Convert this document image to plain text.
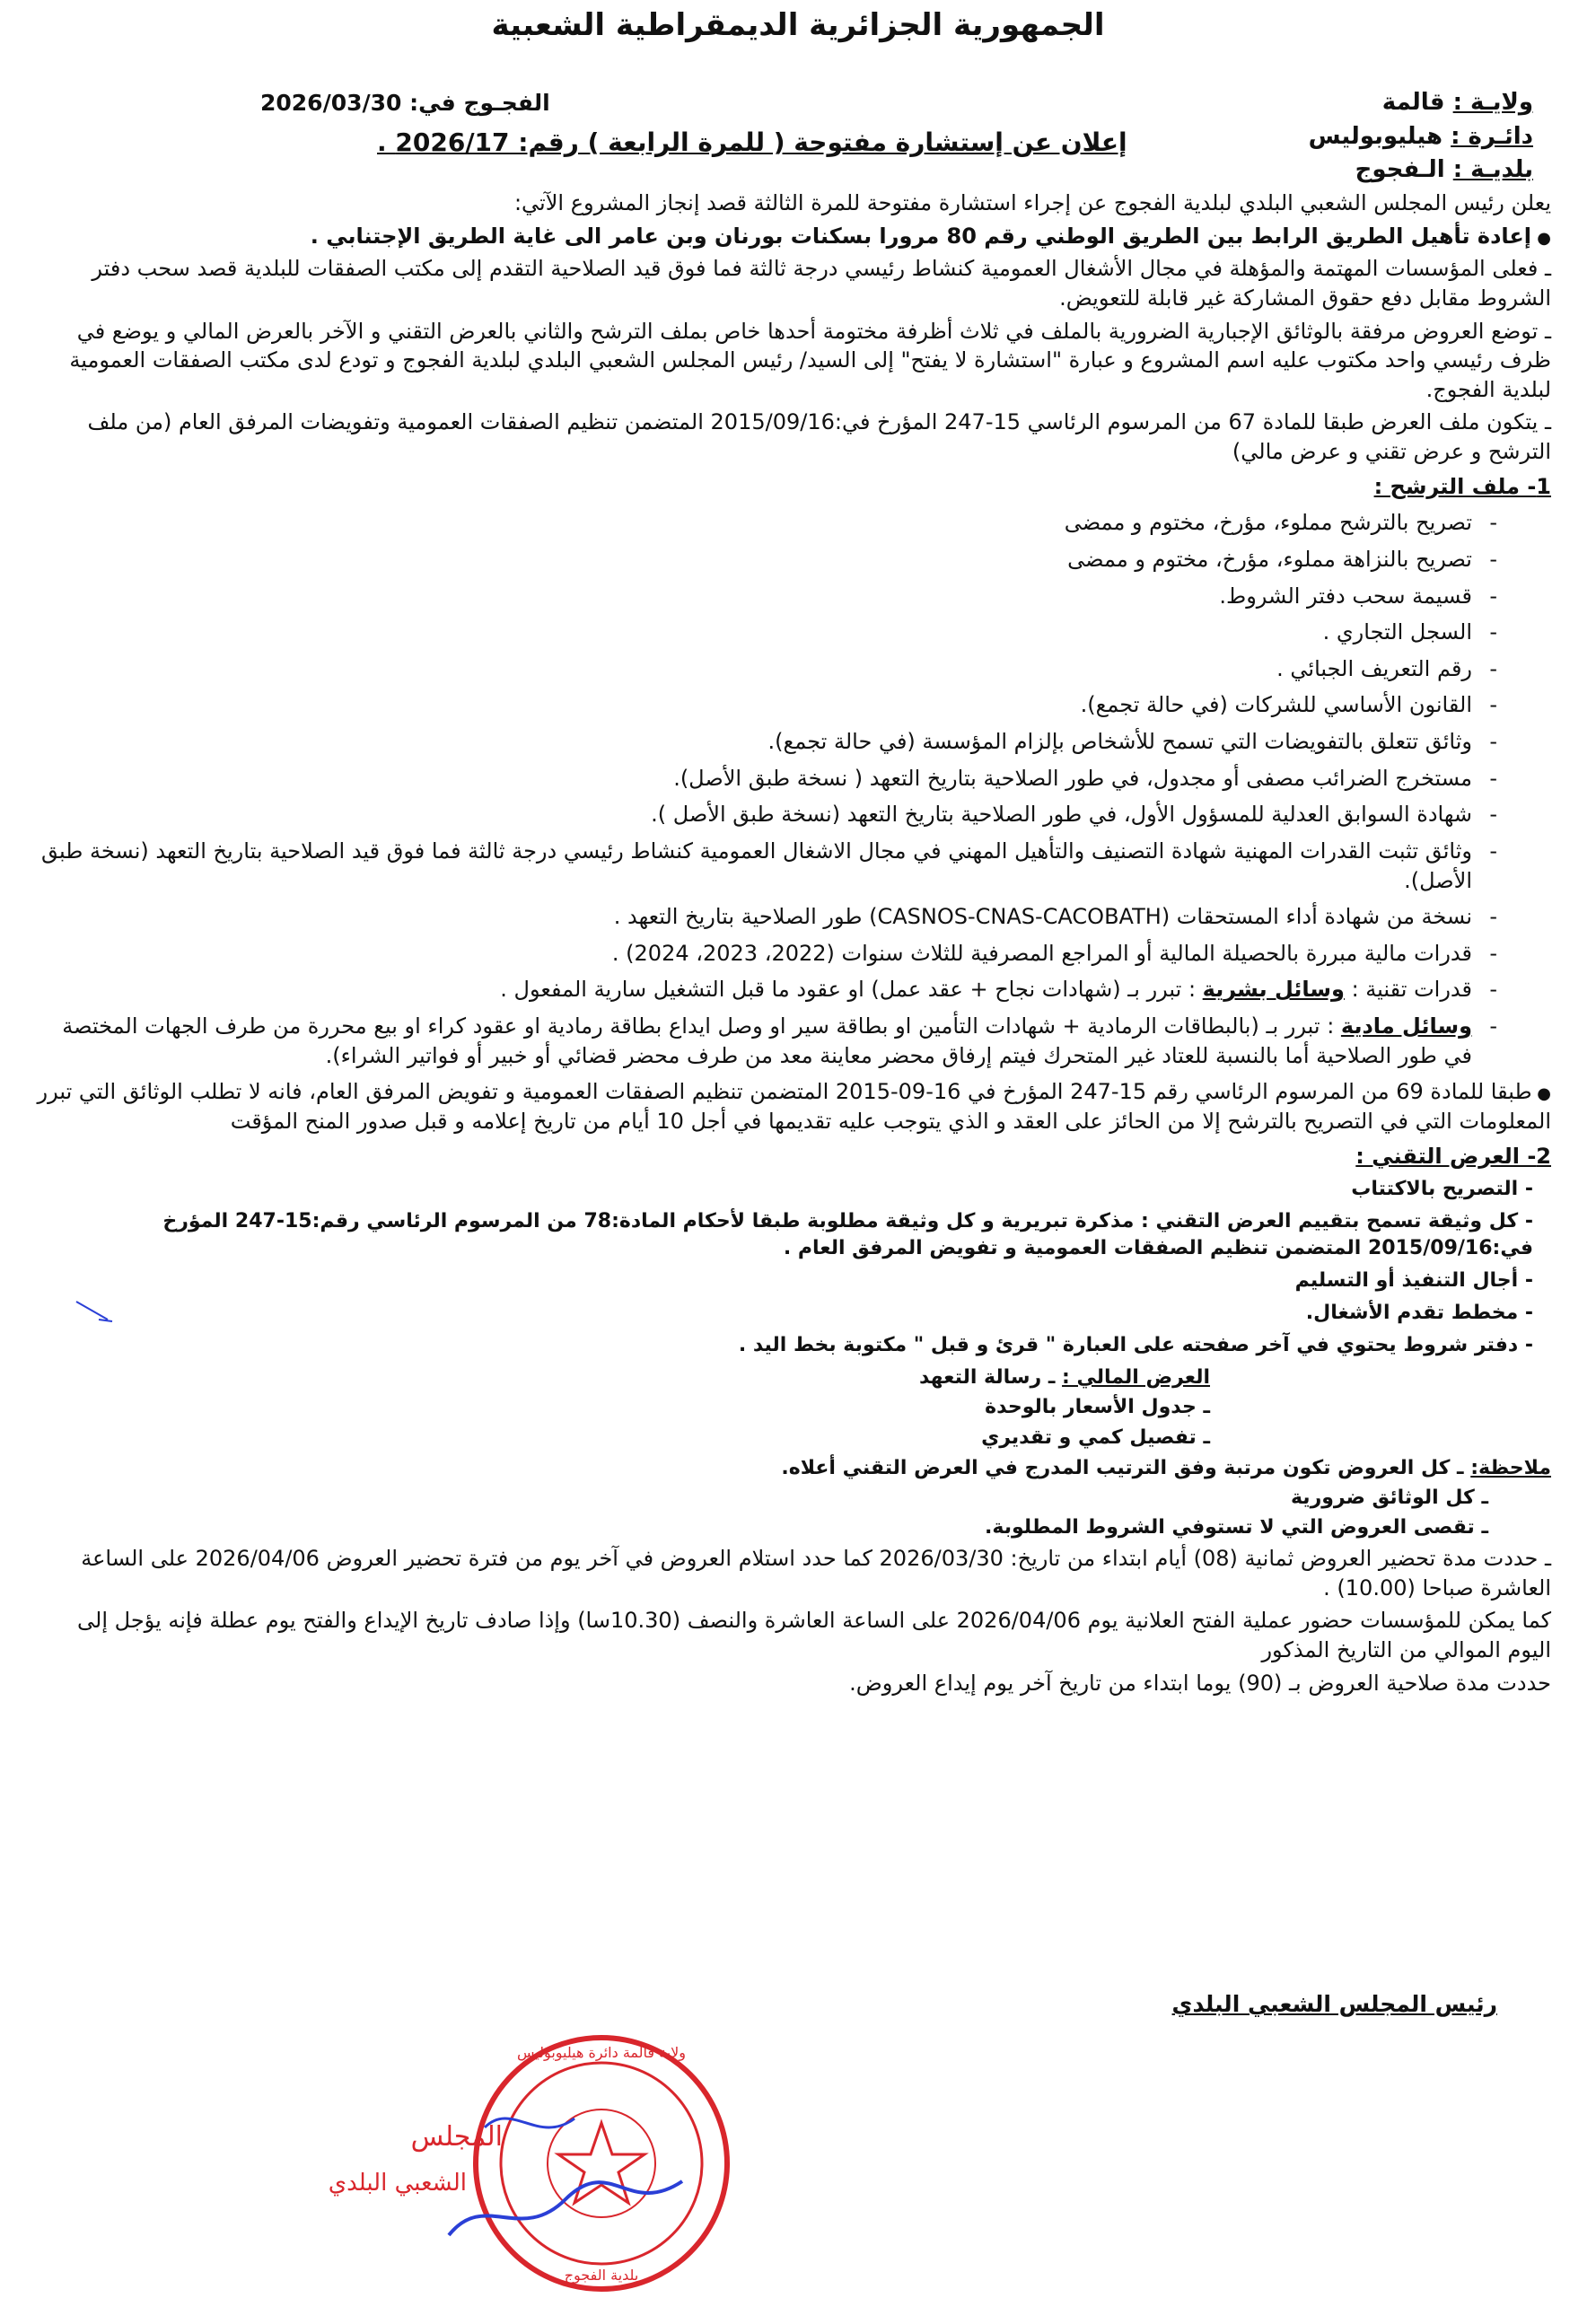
الجمهورية الجزائرية الديمقراطية الشعبية
ولايـة : قالمة
دائـرة : هيليوبوليس
بلديـة : الـفجوج
الفجـوج في: 2026/03/30
إعلان عن إستشارة مفتوحة ( للمرة الرابعة ) رقم: 2026/17 .

يعلن رئيس المجلس الشعبي البلدي لبلدية الفجوج عن إجراء استشارة مفتوحة للمرة الثالثة قصد إنجاز المشروع الآتي:

● إعادة تأهيل الطريق الرابط بين الطريق الوطني رقم 80 مرورا بسكنات بورنان وبن عامر الى غاية الطريق الإجتنابي .

ـ فعلى المؤسسات المهتمة والمؤهلة في مجال الأشغال العمومية كنشاط رئيسي درجة ثالثة فما فوق قيد الصلاحية التقدم إلى مكتب الصفقات للبلدية قصد سحب دفتر الشروط مقابل دفع حقوق المشاركة غير قابلة للتعويض.

ـ توضع العروض مرفقة بالوثائق الإجبارية الضرورية بالملف في ثلاث أظرفة مختومة أحدها خاص بملف الترشح والثاني بالعرض التقني و الآخر بالعرض المالي و يوضع في ظرف رئيسي واحد مكتوب عليه اسم المشروع و عبارة "استشارة لا يفتح" إلى السيد/ رئيس المجلس الشعبي البلدي لبلدية الفجوج و تودع لدى مكتب الصفقات العمومية لبلدية الفجوج.

ـ يتكون ملف العرض طبقا للمادة 67 من المرسوم الرئاسي 15-247 المؤرخ في:2015/09/16 المتضمن تنظيم الصفقات العمومية وتفويضات المرفق العام (من ملف الترشح و عرض تقني و عرض مالي)

1- ملف الترشح :
- تصريح بالترشح مملوء، مؤرخ، مختوم و ممضى
- تصريح بالنزاهة مملوء، مؤرخ، مختوم و ممضى
- قسيمة سحب دفتر الشروط.
- السجل التجاري .
- رقم التعريف الجبائي .
- القانون الأساسي للشركات (في حالة تجمع).
- وثائق تتعلق بالتفويضات التي تسمح للأشخاص بإلزام المؤسسة (في حالة تجمع).
- مستخرج الضرائب مصفى أو مجدول، في طور الصلاحية بتاريخ التعهد ( نسخة طبق الأصل).
- شهادة السوابق العدلية للمسؤول الأول، في طور الصلاحية بتاريخ التعهد (نسخة طبق الأصل ).
- وثائق تثبت القدرات المهنية شهادة التصنيف والتأهيل المهني في مجال الاشغال العمومية كنشاط رئيسي درجة ثالثة فما فوق قيد الصلاحية بتاريخ التعهد (نسخة طبق الأصل).
- نسخة من شهادة أداء المستحقات (CASNOS-CNAS-CACOBATH) طور الصلاحية بتاريخ التعهد .
- قدرات مالية مبررة بالحصيلة المالية أو المراجع المصرفية للثلاث سنوات (2022، 2023، 2024) .
- قدرات تقنية : وسائل بشرية : تبرر بـ (شهادات نجاح + عقد عمل) او عقود ما قبل التشغيل سارية المفعول .
- وسائل مادية : تبرر بـ (بالبطاقات الرمادية + شهادات التأمين او بطاقة سير او وصل ايداع بطاقة رمادية او عقود كراء او بيع محررة من طرف الجهات المختصة في طور الصلاحية أما بالنسبة للعتاد غير المتحرك فيتم إرفاق محضر معاينة معد من طرف محضر قضائي أو خبير أو فواتير الشراء).

● طبقا للمادة 69 من المرسوم الرئاسي رقم 15-247 المؤرخ في 16-09-2015 المتضمن تنظيم الصفقات العمومية و تفويض المرفق العام، فانه لا تطلب الوثائق التي تبرر المعلومات التي في التصريح بالترشح إلا من الحائز على العقد و الذي يتوجب عليه تقديمها في أجل 10 أيام من تاريخ إعلامه و قبل صدور المنح المؤقت

2- العرض التقني :
- التصريح بالاكتتاب
- كل وثيقة تسمح بتقييم العرض التقني : مذكرة تبريرية و كل وثيقة مطلوبة طبقا لأحكام المادة:78 من المرسوم الرئاسي رقم:15-247 المؤرخ في:2015/09/16 المتضمن تنظيم الصفقات العمومية و تفويض المرفق العام .
- أجال التنفيذ أو التسليم
- مخطط تقدم الأشغال.
- دفتر شروط يحتوي في آخر صفحته على العبارة " قرئ و قبل " مكتوبة بخط اليد .
العرض المالي : ـ رسالة التعهد
ـ جدول الأسعار بالوحدة
ـ تفصيل كمي و تقديري
ملاحظة: ـ كل العروض تكون مرتبة وفق الترتيب المدرج في العرض التقني أعلاه.
ـ كل الوثائق ضرورية
ـ تقصى العروض التي لا تستوفي الشروط المطلوبة.

ـ حددت مدة تحضير العروض ثمانية (08) أيام ابتداء من تاريخ: 2026/03/30 كما حدد استلام العروض في آخر يوم من فترة تحضير العروض 2026/04/06 على الساعة العاشرة صباحا (10.00) .

كما يمكن للمؤسسات حضور عملية الفتح العلانية يوم 2026/04/06 على الساعة العاشرة والنصف (10.30سا) وإذا صادف تاريخ الإيداع والفتح يوم عطلة فإنه يؤجل إلى اليوم الموالي من التاريخ المذكور

حددت مدة صلاحية العروض بـ (90) يوما ابتداء من تاريخ آخر يوم إيداع العروض.

رئيس المجلس الشعبي البلدي
ولاية قالمة دائرة هيليوبوليس
بلدية الفجوج
المجلس
الشعبي البلدي
